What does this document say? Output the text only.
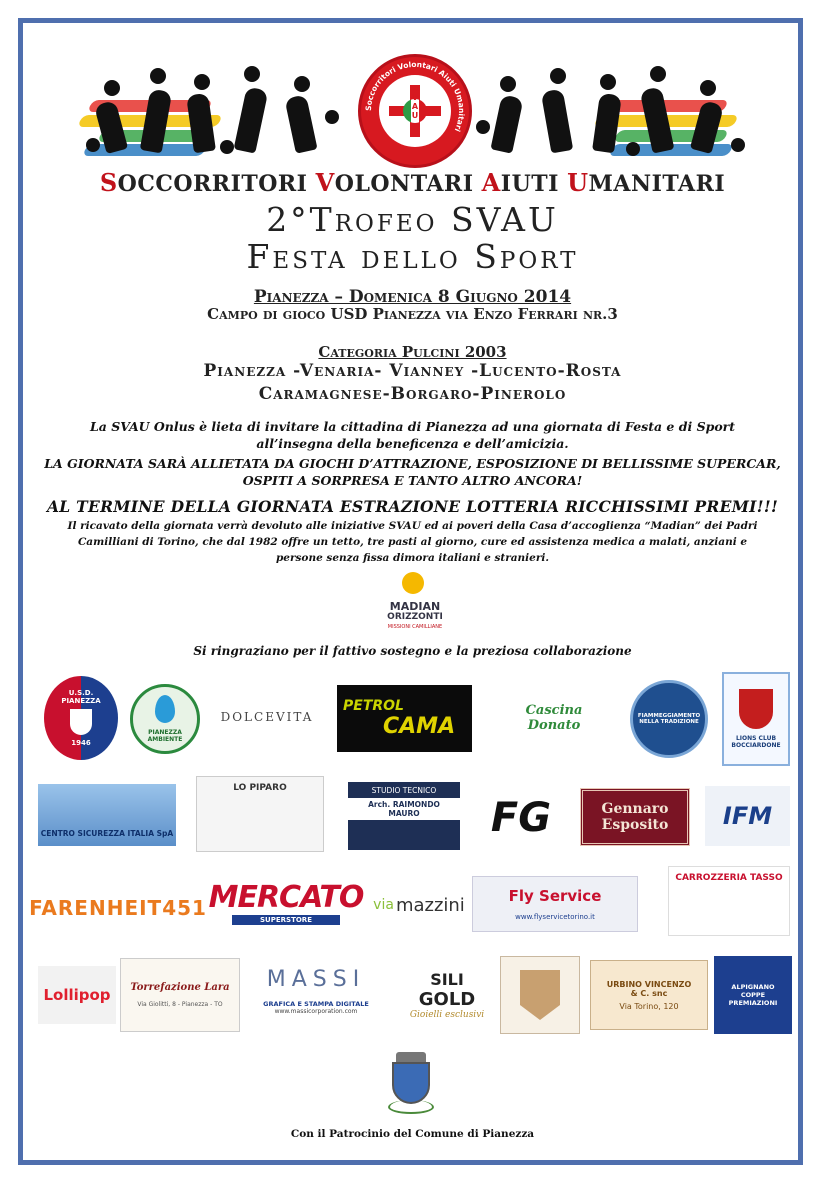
Soccorritori Volontari Aiuti Umanitari
S V A U
SOCCORRITORI VOLONTARI AIUTI UMANITARI
2°Trofeo SVAU
Festa dello Sport
Pianezza – Domenica 8 Giugno 2014
Campo di gioco USD Pianezza via Enzo Ferrari nr.3
Categoria Pulcini 2003
Pianezza -Venaria- Vianney -Lucento-Rosta
Caramagnese-Borgaro-Pinerolo
La SVAU Onlus è lieta di invitare la cittadina di Pianezza ad una giornata di Festa e di Sport all’insegna della beneficenza e dell’amicizia.
LA GIORNATA SARÀ ALLIETATA DA GIOCHI D’ATTRAZIONE, ESPOSIZIONE DI BELLISSIME SUPERCAR, OSPITI A SORPRESA E TANTO ALTRO ANCORA!
AL TERMINE DELLA GIORNATA ESTRAZIONE LOTTERIA RICCHISSIMI PREMI!!!
Il ricavato della giornata verrà devoluto alle iniziative SVAU ed ai poveri della Casa d’accoglienza “Madian” dei Padri Camilliani di Torino, che dal 1982 offre un tetto, tre pasti al giorno, cure ed assistenza medica a malati, anziani e persone senza fissa dimora italiani e stranieri.
MADIAN
ORIZZONTI
MISSIONI CAMILLIANE
Si ringraziano per il fattivo sostegno e la preziosa collaborazione
U.S.D.
PIANEZZA
1946
PIANEZZA AMBIENTE
DOLCEVITA
PETROL
CAMA
Cascina Donato
FIAMMEGGIAMENTO NELLA TRADIZIONE
LIONS CLUB
BOCCIARDONE
CENTRO SICUREZZA ITALIA SpA
LO PIPARO	STUDIO TECNICO
Arch. RAIMONDO MAURO	FG	Gennaro
Esposito	IFM
FARENHEIT451 MERCATO
SUPERSTORE
via mazzini	Fly Service
www.flyservicetorino.it
CARROZZERIA TASSO
Lollipop	Torrefazione Lara
Via Giolitti, 8 - Pianezza - TO
MASSI
GRAFICA E STAMPA DIGITALE
www.massicorporation.com
SILI
GOLD
Gioielli esclusivi
URBINO VINCENZO
& C. snc
Via Torino, 120
ALPIGNANO COPPE PREMIAZIONI
Con il Patrocinio del Comune di Pianezza
